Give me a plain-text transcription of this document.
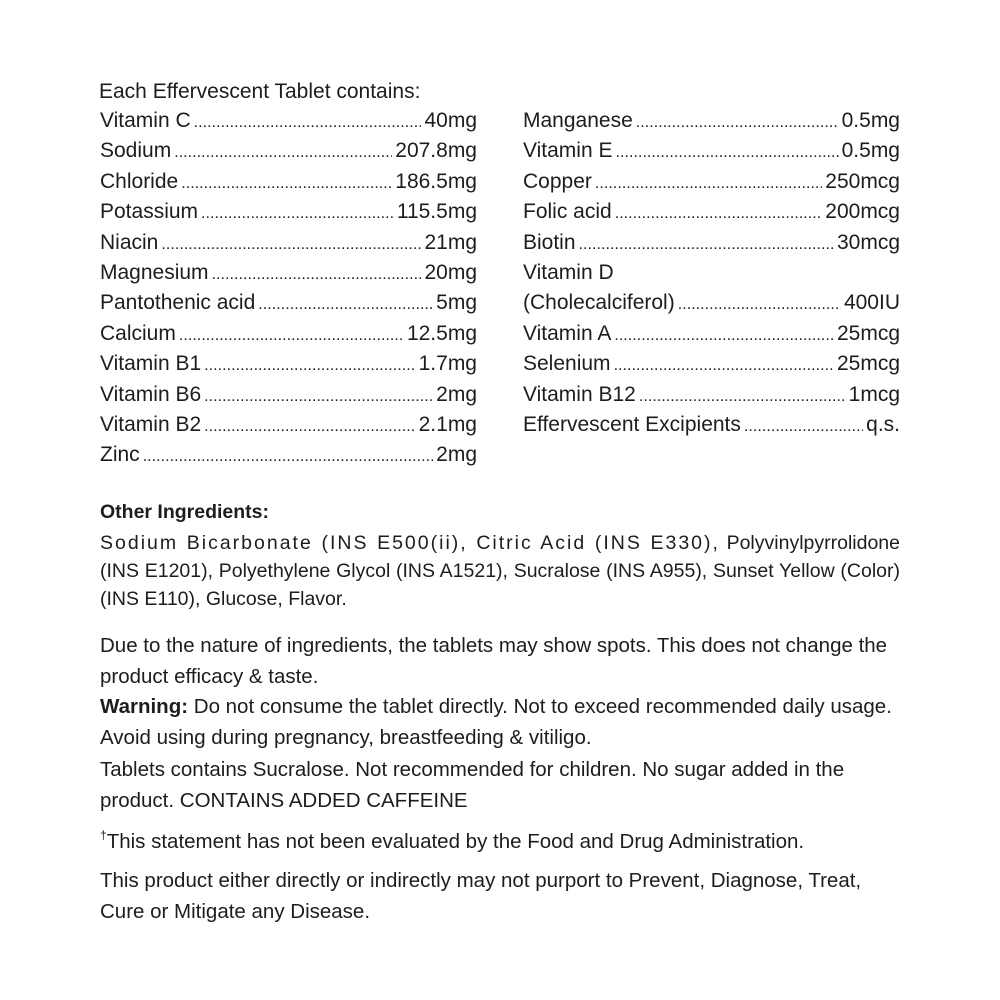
Each Effervescent Tablet contains:
Vitamin C . . .	40mg
Sodium . . .	207.8mg
Chloride . . .	186.5mg
Potassium . . .	115.5mg
Niacin . . .	21mg
Magnesium . . .	20mg
Pantothenic acid . . .	5mg
Calcium . . .	12.5mg
Vitamin B1 . . .	1.7mg
Vitamin B6 . . .	2mg
Vitamin B2 . . .	2.1mg
Zinc . . .	2mg
Manganese . . .	0.5mg
Vitamin E . . .	0.5mg
Copper . . .	250mcg
Folic acid . . .	200mcg
Biotin . . .	30mcg
Vitamin D
(Cholecalciferol) . . .	400IU
Vitamin A . . .	25mcg
Selenium . . .	25mcg
Vitamin B12 . . .	1mcg
Effervescent Excipients . . .	q.s.
Other Ingredients:

Sodium Bicarbonate (INS E500(ii), Citric Acid (INS E330), Polyvinylpyrrolidone (INS E1201), Polyethylene Glycol (INS A1521), Sucralose (INS A955), Sunset Yellow (Color) (INS E110), Glucose, Flavor.

Due to the nature of ingredients, the tablets may show spots. This does not change the product efficacy & taste.

Warning: Do not consume the tablet directly. Not to exceed recommended daily usage. Avoid using during pregnancy, breastfeeding & vitiligo.

Tablets contains Sucralose. Not recommended for children. No sugar added in the product. CONTAINS ADDED CAFFEINE

†This statement has not been evaluated by the Food and Drug Administration.

This product either directly or indirectly may not purport to Prevent, Diagnose, Treat, Cure or Mitigate any Disease.
